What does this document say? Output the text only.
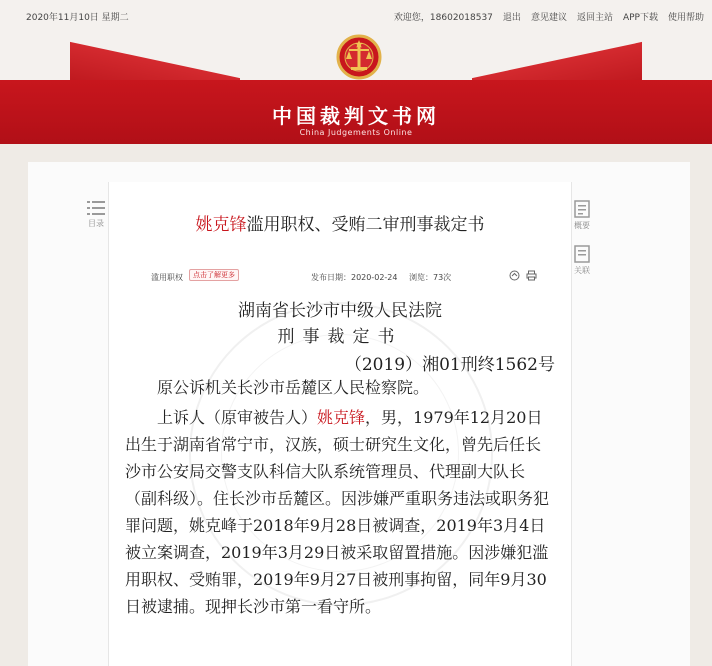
2020年11月10日 星期二	欢迎您，18602018537 退出 意见建议 返回主站 APP下载 使用帮助
中国裁判文书网
China Judgements Online
目录	概要
关联
姚克锋滥用职权、受贿二审刑事裁定书
滥用职权	点击了解更多	发布日期：2020-02-24 浏览：73次
湖南省长沙市中级人民法院
刑事裁定书
（2019）湘01刑终1562号
原公诉机关长沙市岳麓区人民检察院。
上诉人（原审被告人）姚克锋，男，1979年12月20日出生于湖南省常宁市，汉族，硕士研究生文化，曾先后任长沙市公安局交警支队科信大队系统管理员、代理副大队长（副科级）。住长沙市岳麓区。因涉嫌严重职务违法或职务犯罪问题，姚克峰于2018年9月28日被调查，2019年3月4日被立案调查，2019年3月29日被采取留置措施。因涉嫌犯滥用职权、受贿罪，2019年9月27日被刑事拘留，同年9月30日被逮捕。现押长沙市第一看守所。
